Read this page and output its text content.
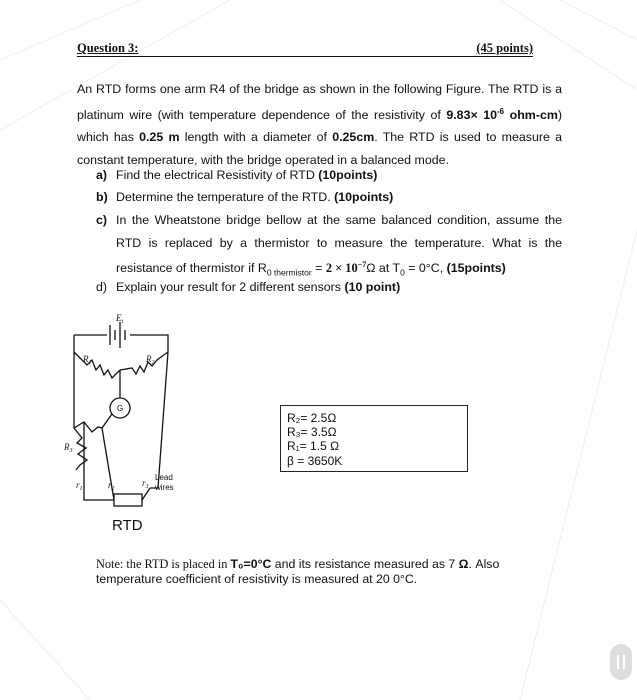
Question 3:	(45 points)
An RTD forms one arm R4 of the bridge as shown in the following Figure. The RTD is a platinum wire (with temperature dependence of the resistivity of $9.83\times 10^{-6}$ ohm-cm) which has 0.25 m length with a diameter of 0.25cm. The RTD is used to measure a constant temperature, with the bridge operated in a balanced mode.
a) Find the electrical Resistivity of RTD (10points)
b) Determine the temperature of the RTD. (10points)
c) In the Wheatstone bridge bellow at the same balanced condition, assume the RTD is replaced by a thermistor to measure the temperature. What is the resistance of thermistor if $R_{0 thermistor} = 2 \times 10^{-7}\Omega$ at $T_0 = 0^\circ C$, (15points)
d) Explain your result for 2 different sensors (10 point)
$E_t$
$R_1$	$R_2$
$R_3$
$r_1$	$r_2$
$r_3$
G
Lead
wires
RTD
R₂= 2.5Ω
R₃= 3.5Ω
R₁= 1.5 Ω
β = 3650K
Note: the RTD is placed in T₀=0°C and its resistance measured as 7 Ω. Also temperature coefficient of resistivity is measured at 20 0°C.
